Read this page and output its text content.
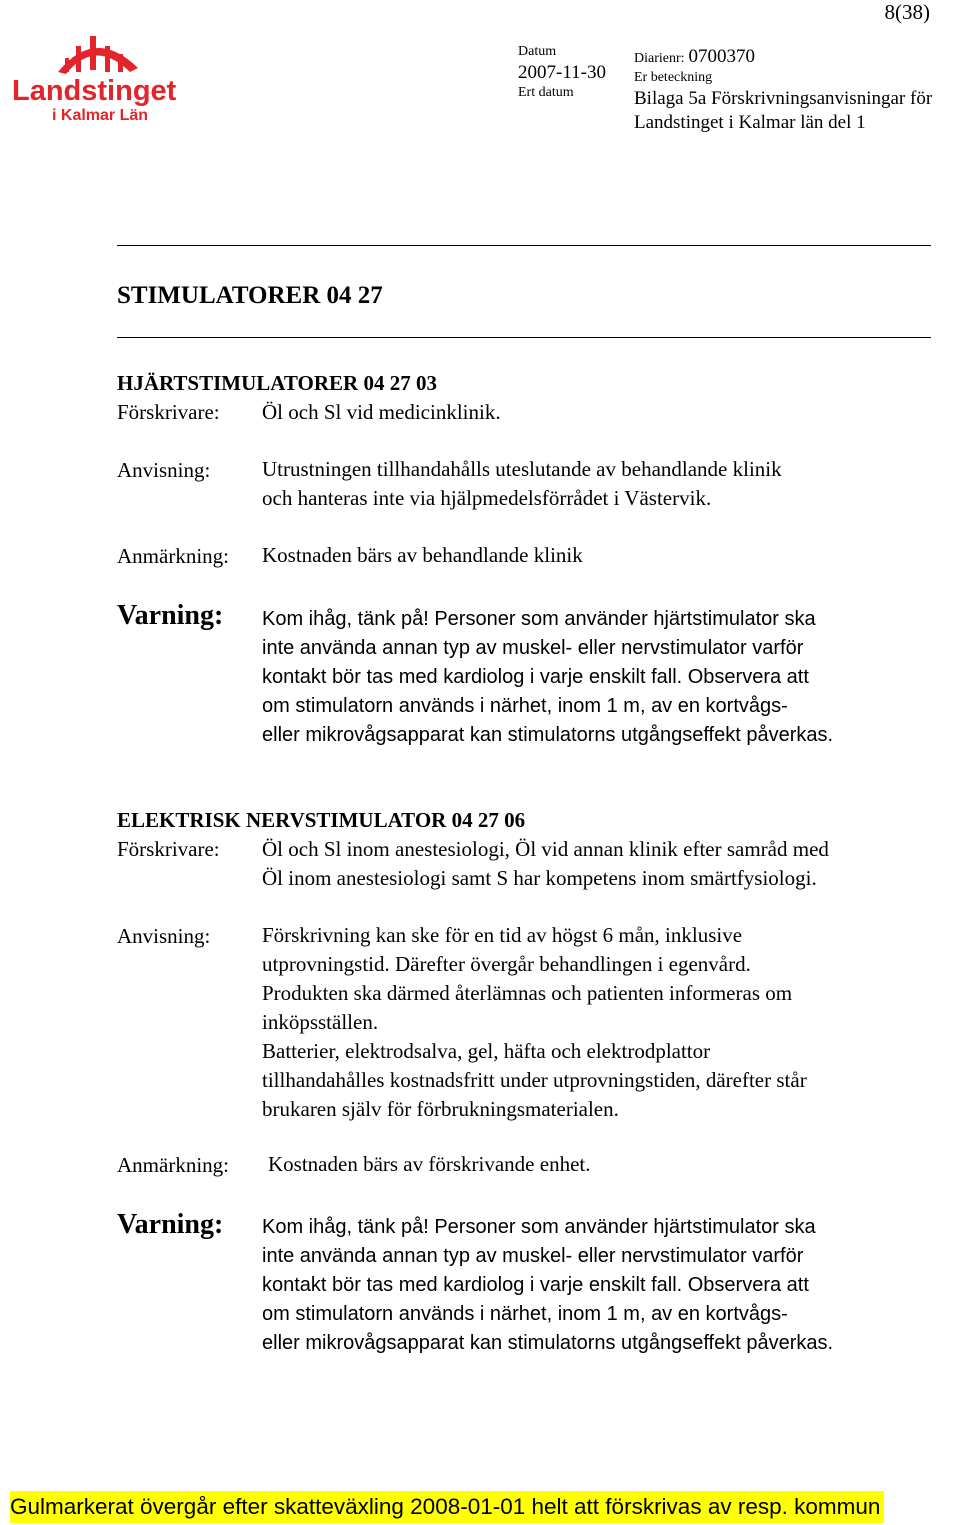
8(38)
Landstinget
i Kalmar Län
Datum
2007-11-30
Ert datum
Diarienr: 0700370
Er beteckning
Bilaga 5a Förskrivningsanvisningar för
Landstinget i Kalmar län del 1
STIMULATORER 04 27
HJÄRTSTIMULATORER 04 27 03
Förskrivare: Öl och Sl vid medicinklinik.
Anvisning: Utrustningen tillhandahålls uteslutande av behandlande klinik
och hanteras inte via hjälpmedelsförrådet i Västervik.
Anmärkning: Kostnaden bärs av behandlande klinik
Varning: Kom ihåg, tänk på! Personer som använder hjärtstimulator ska
inte använda annan typ av muskel- eller nervstimulator varför
kontakt bör tas med kardiolog i varje enskilt fall. Observera att
om stimulatorn används i närhet, inom 1 m, av en kortvågs-
eller mikrovågsapparat kan stimulatorns utgångseffekt påverkas.
ELEKTRISK NERVSTIMULATOR 04 27 06
Förskrivare: Öl och Sl inom anestesiologi, Öl vid annan klinik efter samråd med
Öl inom anestesiologi samt S har kompetens inom smärtfysiologi.
Anvisning: Förskrivning kan ske för en tid av högst 6 mån, inklusive
utprovningstid. Därefter övergår behandlingen i egenvård.
Produkten ska därmed återlämnas och patienten informeras om
inköpsställen.
Batterier, elektrodsalva, gel, häfta och elektrodplattor
tillhandahålles kostnadsfritt under utprovningstiden, därefter står
brukaren själv för förbrukningsmaterialen.
Anmärkning: Kostnaden bärs av förskrivande enhet.
Varning: Kom ihåg, tänk på! Personer som använder hjärtstimulator ska
inte använda annan typ av muskel- eller nervstimulator varför
kontakt bör tas med kardiolog i varje enskilt fall. Observera att
om stimulatorn används i närhet, inom 1 m, av en kortvågs-
eller mikrovågsapparat kan stimulatorns utgångseffekt påverkas.
Gulmarkerat övergår efter skatteväxling 2008-01-01 helt att förskrivas av resp. kommun
